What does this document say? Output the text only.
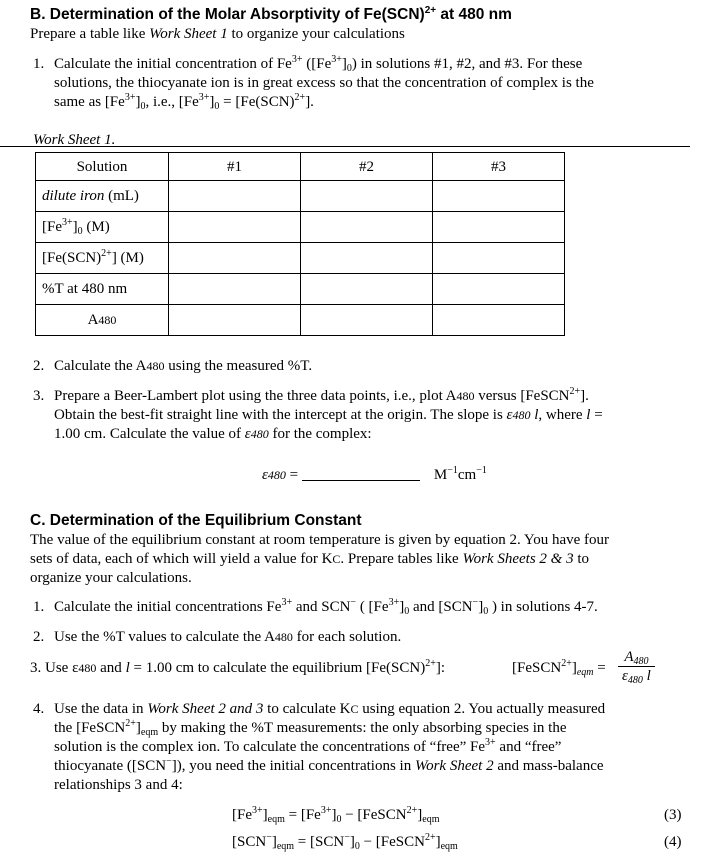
B. Determination of the Molar Absorptivity of Fe(SCN)$^{2+}$ at 480 nm
Prepare a table like Work Sheet 1 to organize your calculations
1. Calculate the initial concentration of $Fe^{3+}$ $([Fe^{3+}]_0)$ in solutions #1, #2, and #3. For these
solutions, the thiocyanate ion is in great excess so that the concentration of complex is the
same as $[Fe^{3+}]_0$, i.e., $[Fe^{3+}]_0 = [Fe(SCN)^{2+}]$.
Work Sheet 1.
Solution	#1	#2	#3
dilute iron (mL)			
$[Fe^{3+}]_0$ (M)			
[Fe(SCN)$^{2+}$] (M)			
%T at 480 nm			
A480			
2. Calculate the A480 using the measured %T.
3. Prepare a Beer-Lambert plot using the three data points, i.e., plot A480 versus [FeSCN$^{2+}$].
Obtain the best-fit straight line with the intercept at the origin. The slope is ε480 l, where l =
1.00 cm. Calculate the value of ε480 for the complex:
ε480 =	$M^{-1}cm^{-1}$
C. Determination of the Equilibrium Constant
The value of the equilibrium constant at room temperature is given by equation 2. You have four
sets of data, each of which will yield a value for KC. Prepare tables like Work Sheets 2 & 3 to
organize your calculations.
1. Calculate the initial concentrations $Fe^{3+}$ and SCN− ( $[Fe^{3+}]_0$ and $[SCN^-]_0$ ) in solutions 4-7.
2. Use the %T values to calculate the A480 for each solution.
3. Use ε480 and l = 1.00 cm to calculate the equilibrium [Fe(SCN)$^{2+}$]:	$[FeSCN^{2+}]_{eqm} = \frac{A_{480}}{\varepsilon_{480} l}$
4. Use the data in Work Sheet 2 and 3 to calculate KC using equation 2. You actually measured
the $[FeSCN^{2+}]_{eqm}$ by making the %T measurements: the only absorbing species in the
solution is the complex ion. To calculate the concentrations of “free” $Fe^{3+}$ and “free”
thiocyanate ([SCN−]), you need the initial concentrations in Work Sheet 2 and mass-balance
relationships 3 and 4:
$[Fe^{3+}]_{eqm} = [Fe^{3+}]_0$ − $[FeSCN^{2+}]_{eqm}$	(3)
$[SCN^-]_{eqm} = [SCN^-]_0$ − $[FeSCN^{2+}]_{eqm}$	(4)
